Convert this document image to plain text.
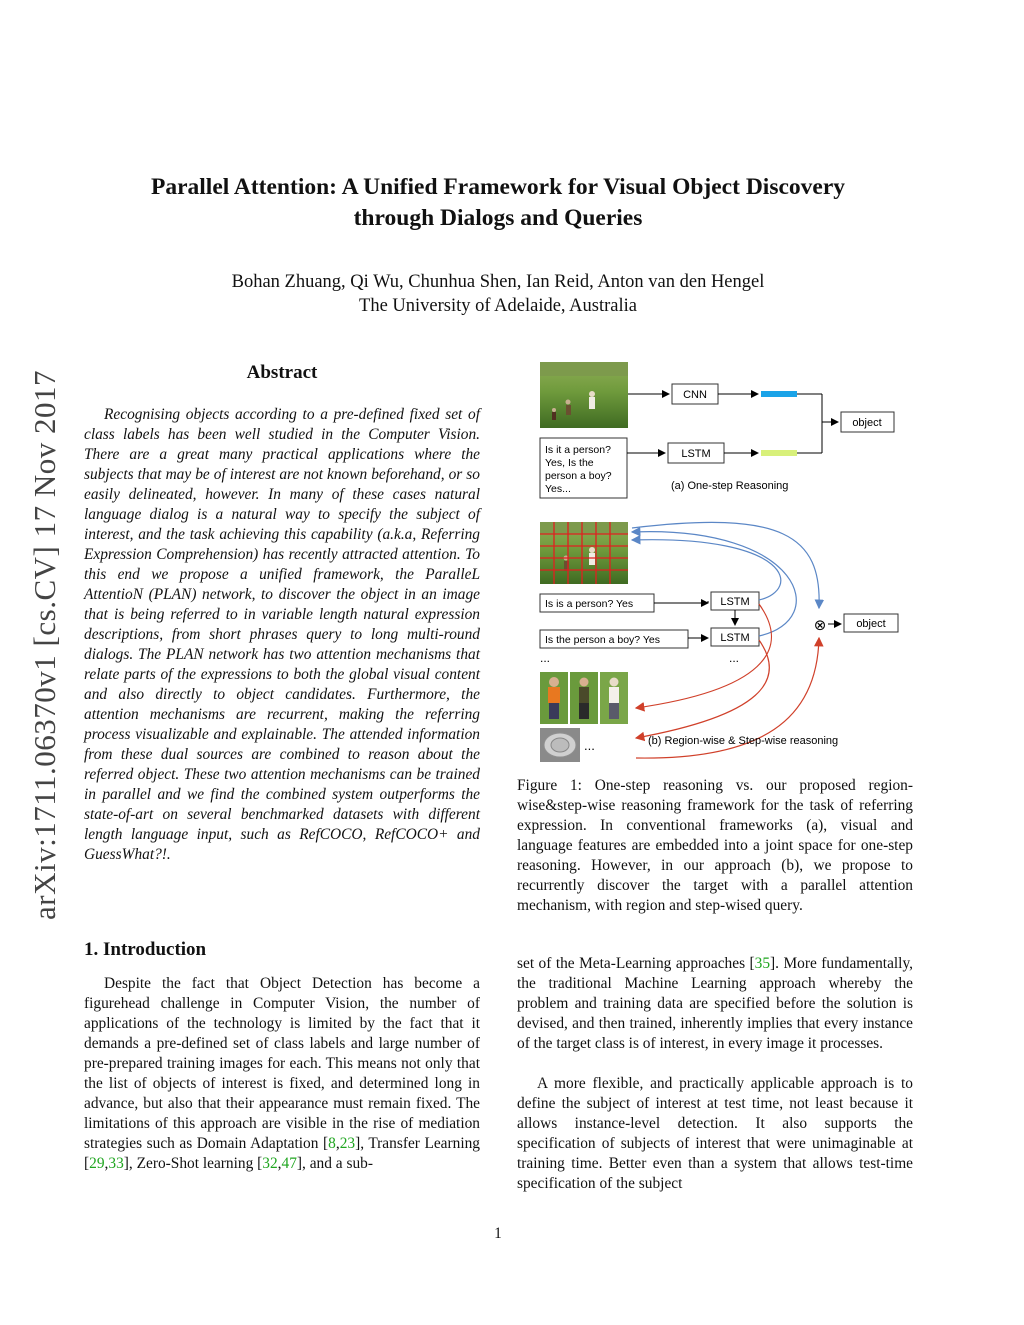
Parallel Attention: A Unified Framework for Visual Object Discovery
through Dialogs and Queries
Bohan Zhuang, Qi Wu, Chunhua Shen, Ian Reid, Anton van den Hengel
The University of Adelaide, Australia
arXiv:1711.06370v1 [cs.CV] 17 Nov 2017	Abstract
Recognising objects according to a pre-defined fixed set of class labels has been well studied in the Computer Vision. There are a great many practical applications where the subjects that may be of interest are not known beforehand, or so easily delineated, however. In many of these cases natural language dialog is a natural way to specify the subject of interest, and the task achieving this capability (a.k.a, Referring Expression Comprehension) has recently attracted attention. To this end we propose a unified framework, the ParalleL AttentioN (PLAN) network, to discover the object in an image that is being referred to in variable length natural expression descriptions, from short phrases query to long multi-round dialogs. The PLAN network has two attention mechanisms that relate parts of the expressions to both the global visual content and also directly to object candidates. Furthermore, the attention mechanisms are recurrent, making the referring process visualizable and explainable. The attended information from these dual sources are combined to reason about the referred object. These two attention mechanisms can be trained in parallel and we find the combined system outperforms the state-of-art on several benchmarked datasets with different length language input, such as RefCOCO, RefCOCO+ and GuessWhat?!.
1. Introduction
Despite the fact that Object Detection has become a figurehead challenge in Computer Vision, the number of applications of the technology is limited by the fact that it demands a pre-defined set of class labels and large number of pre-prepared training images for each. This means not only that the list of objects of interest is fixed, and determined long in advance, but also that their appearance must remain fixed. The limitations of this approach are visible in the rise of mediation strategies such as Domain Adaptation [8,23], Transfer Learning [29,33], Zero-Shot learning [32,47], and a sub-
Is it a person?
Yes, Is the
person a boy?
Yes...
CNN
LSTM
object
(a) One-step Reasoning
Is is a person? Yes
Is the person a boy? Yes
...
LSTM
LSTM
...
⊗	object
...	(b) Region-wise & Step-wise reasoning
Figure 1: One-step reasoning vs. our proposed region-wise&step-wise reasoning framework for the task of referring expression. In conventional frameworks (a), visual and language features are embedded into a joint space for one-step reasoning. However, in our approach (b), we propose to recurrently discover the target with a parallel attention mechanism, with region and step-wised query.
set of the Meta-Learning approaches [35]. More fundamentally, the traditional Machine Learning approach whereby the problem and training data are specified before the solution is devised, and then trained, inherently implies that every instance of the target class is of interest, in every image it processes.
A more flexible, and practically applicable approach is to define the subject of interest at test time, not least because it allows instance-level detection. It also supports the specification of subjects of interest that were unimaginable at training time. Better even than a system that allows test-time specification of the subject
1
